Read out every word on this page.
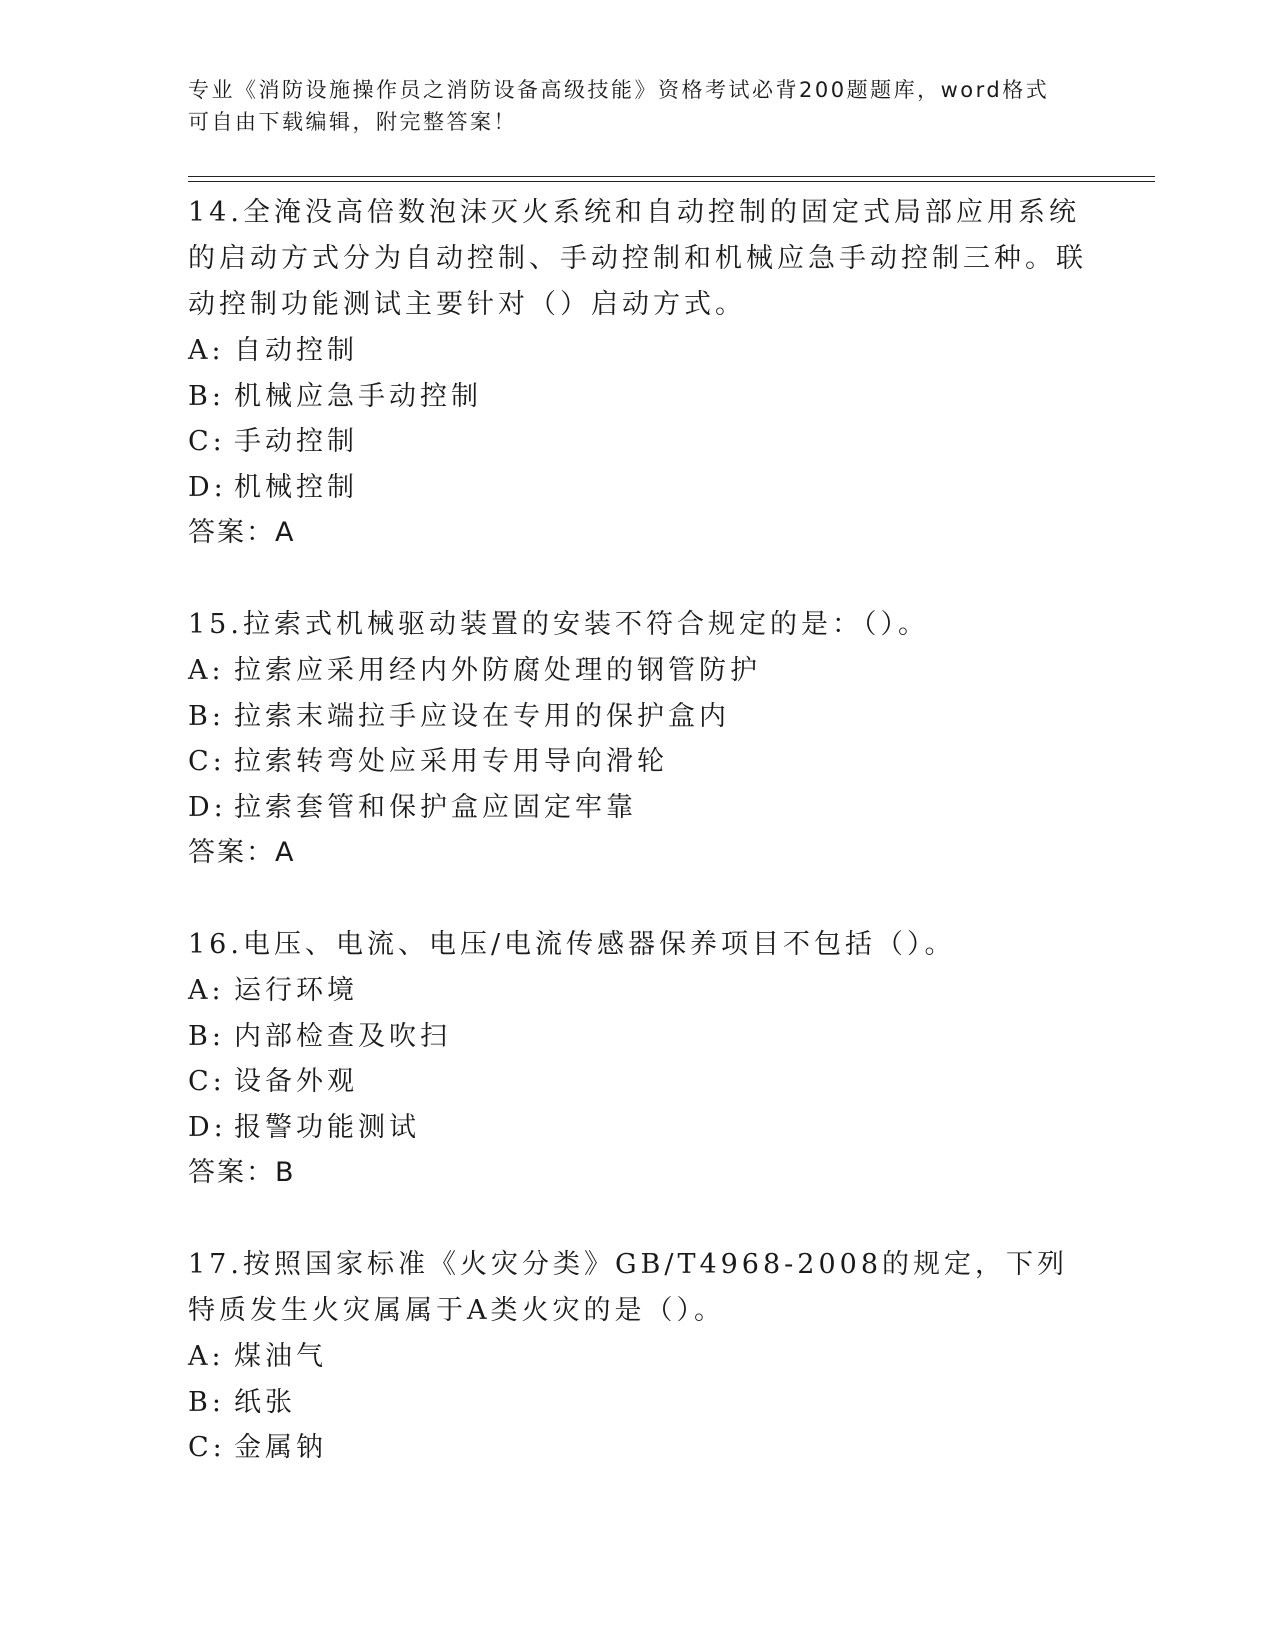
专业《消防设施操作员之消防设备高级技能》资格考试必背200题题库，word格式可自由下载编辑，附完整答案！
14.全淹没高倍数泡沫灭火系统和自动控制的固定式局部应用系统的启动方式分为自动控制、手动控制和机械应急手动控制三种。联动控制功能测试主要针对（）启动方式。
A: 自动控制
B: 机械应急手动控制
C: 手动控制
D: 机械控制
答案：A
15.拉索式机械驱动装置的安装不符合规定的是：（）。
A: 拉索应采用经内外防腐处理的钢管防护
B: 拉索末端拉手应设在专用的保护盒内
C: 拉索转弯处应采用专用导向滑轮
D: 拉索套管和保护盒应固定牢靠
答案：A
16.电压、电流、电压/电流传感器保养项目不包括（）。
A: 运行环境
B: 内部检查及吹扫
C: 设备外观
D: 报警功能测试
答案：B
17.按照国家标准《火灾分类》GB/T4968-2008的规定，下列特质发生火灾属属于A类火灾的是（）。
A: 煤油气
B: 纸张
C: 金属钠
